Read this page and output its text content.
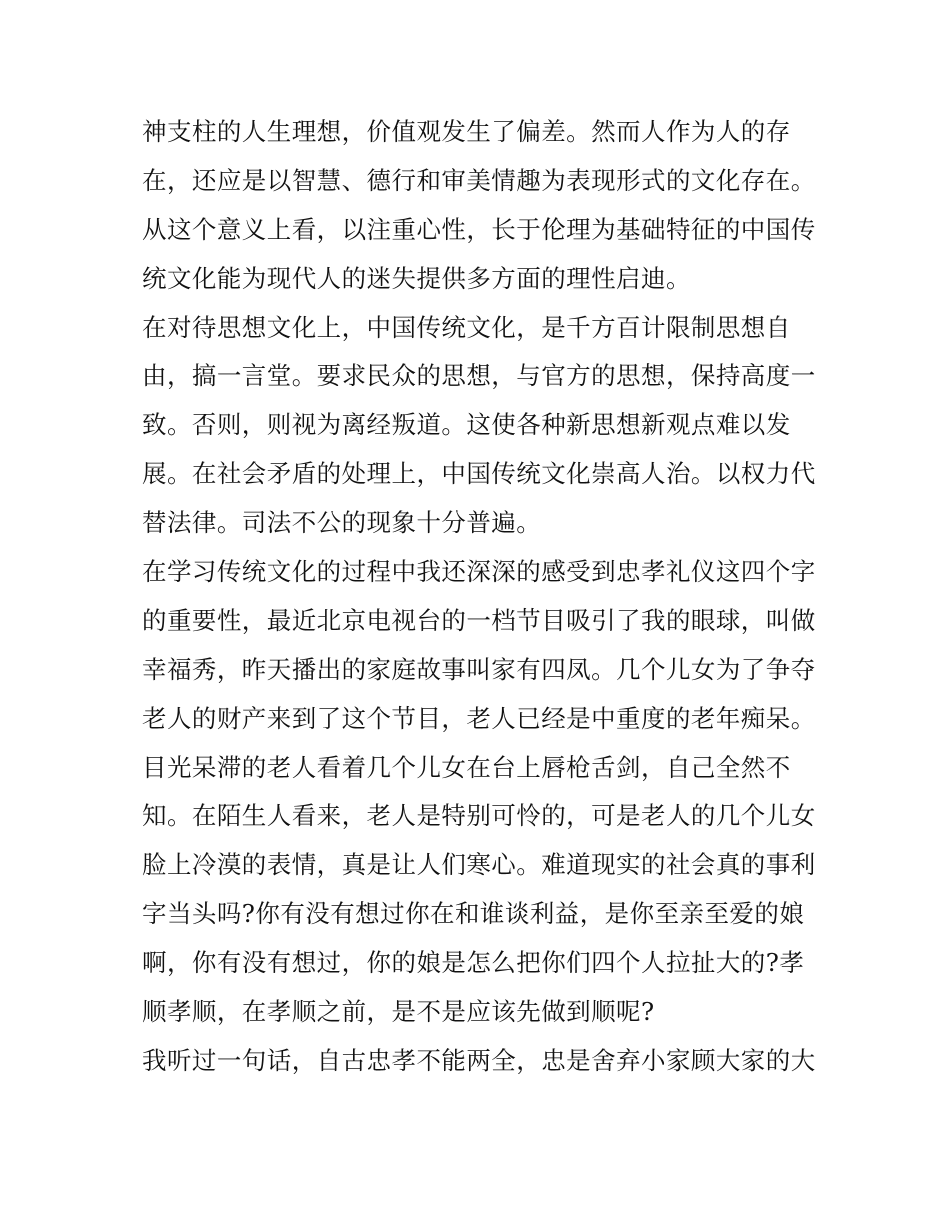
神支柱的人生理想，价值观发生了偏差。然而人作为人的存
在，还应是以智慧、德行和审美情趣为表现形式的文化存在。
从这个意义上看，以注重心性，长于伦理为基础特征的中国传
统文化能为现代人的迷失提供多方面的理性启迪。
在对待思想文化上，中国传统文化，是千方百计限制思想自
由，搞一言堂。要求民众的思想，与官方的思想，保持高度一
致。否则，则视为离经叛道。这使各种新思想新观点难以发
展。在社会矛盾的处理上，中国传统文化崇高人治。以权力代
替法律。司法不公的现象十分普遍。
在学习传统文化的过程中我还深深的感受到忠孝礼仪这四个字
的重要性，最近北京电视台的一档节目吸引了我的眼球，叫做
幸福秀，昨天播出的家庭故事叫家有四凤。几个儿女为了争夺
老人的财产来到了这个节目，老人已经是中重度的老年痴呆。
目光呆滞的老人看着几个儿女在台上唇枪舌剑，自己全然不
知。在陌生人看来，老人是特别可怜的，可是老人的几个儿女
脸上冷漠的表情，真是让人们寒心。难道现实的社会真的事利
字当头吗?你有没有想过你在和谁谈利益，是你至亲至爱的娘
啊，你有没有想过，你的娘是怎么把你们四个人拉扯大的?孝
顺孝顺，在孝顺之前，是不是应该先做到顺呢?
我听过一句话，自古忠孝不能两全，忠是舍弃小家顾大家的大
